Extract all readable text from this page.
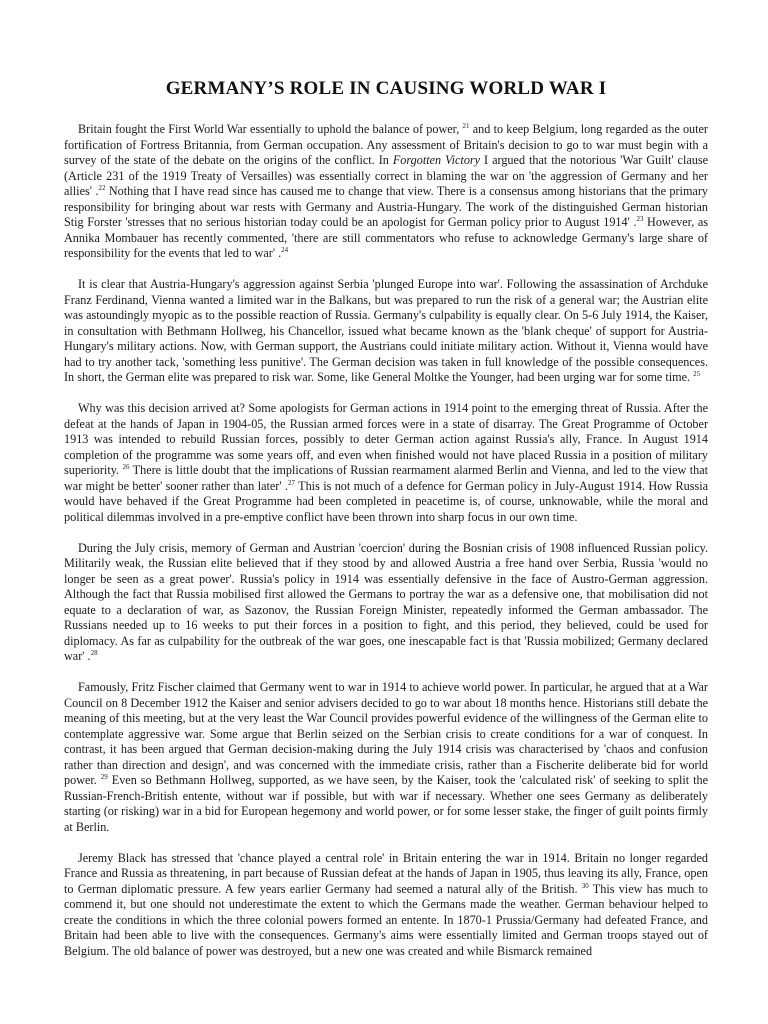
GERMANY’S ROLE IN CAUSING WORLD WAR I

Britain fought the First World War essentially to uphold the balance of power, $^{21}$ and to keep Belgium, long regarded as the outer fortification of Fortress Britannia, from German occupation. Any assessment of Britain's decision to go to war must begin with a survey of the state of the debate on the origins of the conflict. In Forgotten Victory I argued that the notorious 'War Guilt' clause (Article 231 of the 1919 Treaty of Versailles) was essentially correct in blaming the war on 'the aggression of Germany and her allies' .$^{22}$ Nothing that I have read since has caused me to change that view. There is a consensus among historians that the primary responsibility for bringing about war rests with Germany and Austria-Hungary. The work of the distinguished German historian Stig Forster 'stresses that no serious historian today could be an apologist for German policy prior to August 1914' .$^{23}$ However, as Annika Mombauer has recently commented, 'there are still commentators who refuse to acknowledge Germany's large share of responsibility for the events that led to war' .$^{24}$

It is clear that Austria-Hungary's aggression against Serbia 'plunged Europe into war'. Following the assassination of Archduke Franz Ferdinand, Vienna wanted a limited war in the Balkans, but was prepared to run the risk of a general war; the Austrian elite was astoundingly myopic as to the possible reaction of Russia. Germany's culpability is equally clear. On 5-6 July 1914, the Kaiser, in consultation with Bethmann Hollweg, his Chancellor, issued what became known as the 'blank cheque' of support for Austria-Hungary's military actions. Now, with German support, the Austrians could initiate military action. Without it, Vienna would have had to try another tack, 'something less punitive'. The German decision was taken in full knowledge of the possible consequences. In short, the German elite was prepared to risk war. Some, like General Moltke the Younger, had been urging war for some time. $^{25}$

Why was this decision arrived at? Some apologists for German actions in 1914 point to the emerging threat of Russia. After the defeat at the hands of Japan in 1904-05, the Russian armed forces were in a state of disarray. The Great Programme of October 1913 was intended to rebuild Russian forces, possibly to deter German action against Russia's ally, France. In August 1914 completion of the programme was some years off, and even when finished would not have placed Russia in a position of military superiority. $^{26}$ There is little doubt that the implications of Russian rearmament alarmed Berlin and Vienna, and led to the view that war might be better' sooner rather than later' .$^{27}$ This is not much of a defence for German policy in July-August 1914. How Russia would have behaved if the Great Programme had been completed in peacetime is, of course, unknowable, while the moral and political dilemmas involved in a pre-emptive conflict have been thrown into sharp focus in our own time.

During the July crisis, memory of German and Austrian 'coercion' during the Bosnian crisis of 1908 influenced Russian policy. Militarily weak, the Russian elite believed that if they stood by and allowed Austria a free hand over Serbia, Russia 'would no longer be seen as a great power'. Russia's policy in 1914 was essentially defensive in the face of Austro-German aggression. Although the fact that Russia mobilised first allowed the Germans to portray the war as a defensive one, that mobilisation did not equate to a declaration of war, as Sazonov, the Russian Foreign Minister, repeatedly informed the German ambassador. The Russians needed up to 16 weeks to put their forces in a position to fight, and this period, they believed, could be used for diplomacy. As far as culpability for the outbreak of the war goes, one inescapable fact is that 'Russia mobilized; Germany declared war' .$^{28}$

Famously, Fritz Fischer claimed that Germany went to war in 1914 to achieve world power. In particular, he argued that at a War Council on 8 December 1912 the Kaiser and senior advisers decided to go to war about 18 months hence. Historians still debate the meaning of this meeting, but at the very least the War Council provides powerful evidence of the willingness of the German elite to contemplate aggressive war. Some argue that Berlin seized on the Serbian crisis to create conditions for a war of conquest. In contrast, it has been argued that German decision-making during the July 1914 crisis was characterised by 'chaos and confusion rather than direction and design', and was concerned with the immediate crisis, rather than a Fischerite deliberate bid for world power. $^{29}$ Even so Bethmann Hollweg, supported, as we have seen, by the Kaiser, took the 'calculated risk' of seeking to split the Russian-French-British entente, without war if possible, but with war if necessary. Whether one sees Germany as deliberately starting (or risking) war in a bid for European hegemony and world power, or for some lesser stake, the finger of guilt points firmly at Berlin.

Jeremy Black has stressed that 'chance played a central role' in Britain entering the war in 1914. Britain no longer regarded France and Russia as threatening, in part because of Russian defeat at the hands of Japan in 1905, thus leaving its ally, France, open to German diplomatic pressure. A few years earlier Germany had seemed a natural ally of the British. $^{30}$ This view has much to commend it, but one should not underestimate the extent to which the Germans made the weather. German behaviour helped to create the conditions in which the three colonial powers formed an entente. In 1870-1 Prussia/Germany had defeated France, and Britain had been able to live with the consequences. Germany's aims were essentially limited and German troops stayed out of Belgium. The old balance of power was destroyed, but a new one was created and while Bismarck remained
